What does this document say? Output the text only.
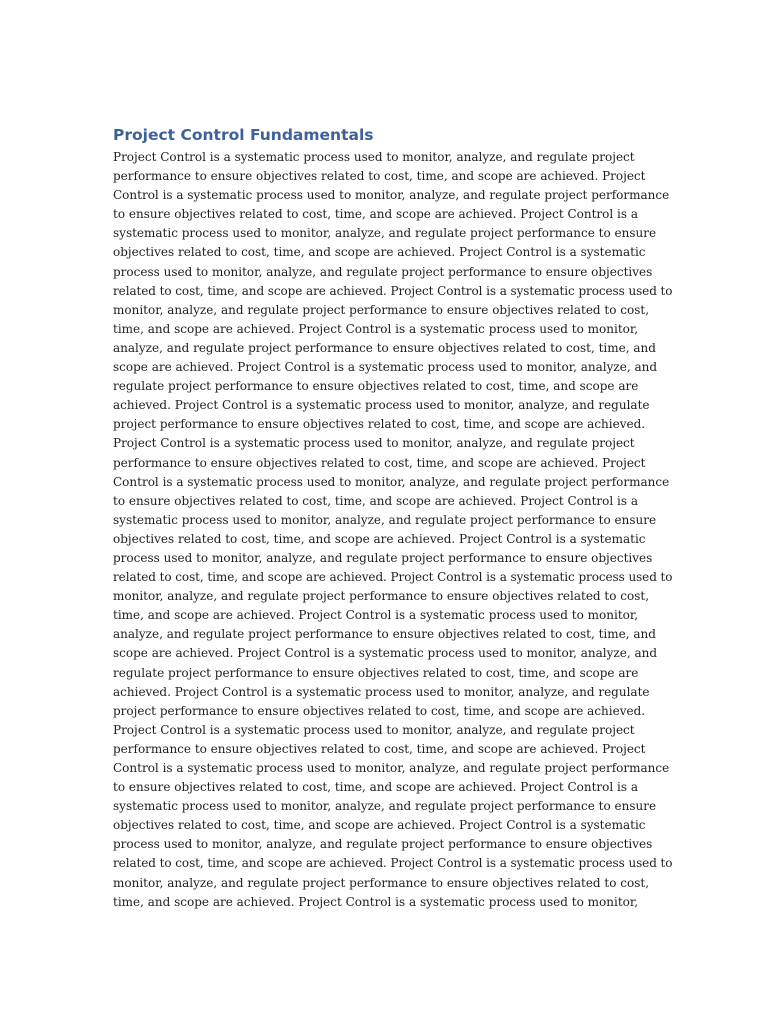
Project Control Fundamentals
Project Control is a systematic process used to monitor, analyze, and regulate project
performance to ensure objectives related to cost, time, and scope are achieved. Project
Control is a systematic process used to monitor, analyze, and regulate project performance
to ensure objectives related to cost, time, and scope are achieved. Project Control is a
systematic process used to monitor, analyze, and regulate project performance to ensure
objectives related to cost, time, and scope are achieved. Project Control is a systematic
process used to monitor, analyze, and regulate project performance to ensure objectives
related to cost, time, and scope are achieved. Project Control is a systematic process used to
monitor, analyze, and regulate project performance to ensure objectives related to cost,
time, and scope are achieved. Project Control is a systematic process used to monitor,
analyze, and regulate project performance to ensure objectives related to cost, time, and
scope are achieved. Project Control is a systematic process used to monitor, analyze, and
regulate project performance to ensure objectives related to cost, time, and scope are
achieved. Project Control is a systematic process used to monitor, analyze, and regulate
project performance to ensure objectives related to cost, time, and scope are achieved.
Project Control is a systematic process used to monitor, analyze, and regulate project
performance to ensure objectives related to cost, time, and scope are achieved. Project
Control is a systematic process used to monitor, analyze, and regulate project performance
to ensure objectives related to cost, time, and scope are achieved. Project Control is a
systematic process used to monitor, analyze, and regulate project performance to ensure
objectives related to cost, time, and scope are achieved. Project Control is a systematic
process used to monitor, analyze, and regulate project performance to ensure objectives
related to cost, time, and scope are achieved. Project Control is a systematic process used to
monitor, analyze, and regulate project performance to ensure objectives related to cost,
time, and scope are achieved. Project Control is a systematic process used to monitor,
analyze, and regulate project performance to ensure objectives related to cost, time, and
scope are achieved. Project Control is a systematic process used to monitor, analyze, and
regulate project performance to ensure objectives related to cost, time, and scope are
achieved. Project Control is a systematic process used to monitor, analyze, and regulate
project performance to ensure objectives related to cost, time, and scope are achieved.
Project Control is a systematic process used to monitor, analyze, and regulate project
performance to ensure objectives related to cost, time, and scope are achieved. Project
Control is a systematic process used to monitor, analyze, and regulate project performance
to ensure objectives related to cost, time, and scope are achieved. Project Control is a
systematic process used to monitor, analyze, and regulate project performance to ensure
objectives related to cost, time, and scope are achieved. Project Control is a systematic
process used to monitor, analyze, and regulate project performance to ensure objectives
related to cost, time, and scope are achieved. Project Control is a systematic process used to
monitor, analyze, and regulate project performance to ensure objectives related to cost,
time, and scope are achieved. Project Control is a systematic process used to monitor,
